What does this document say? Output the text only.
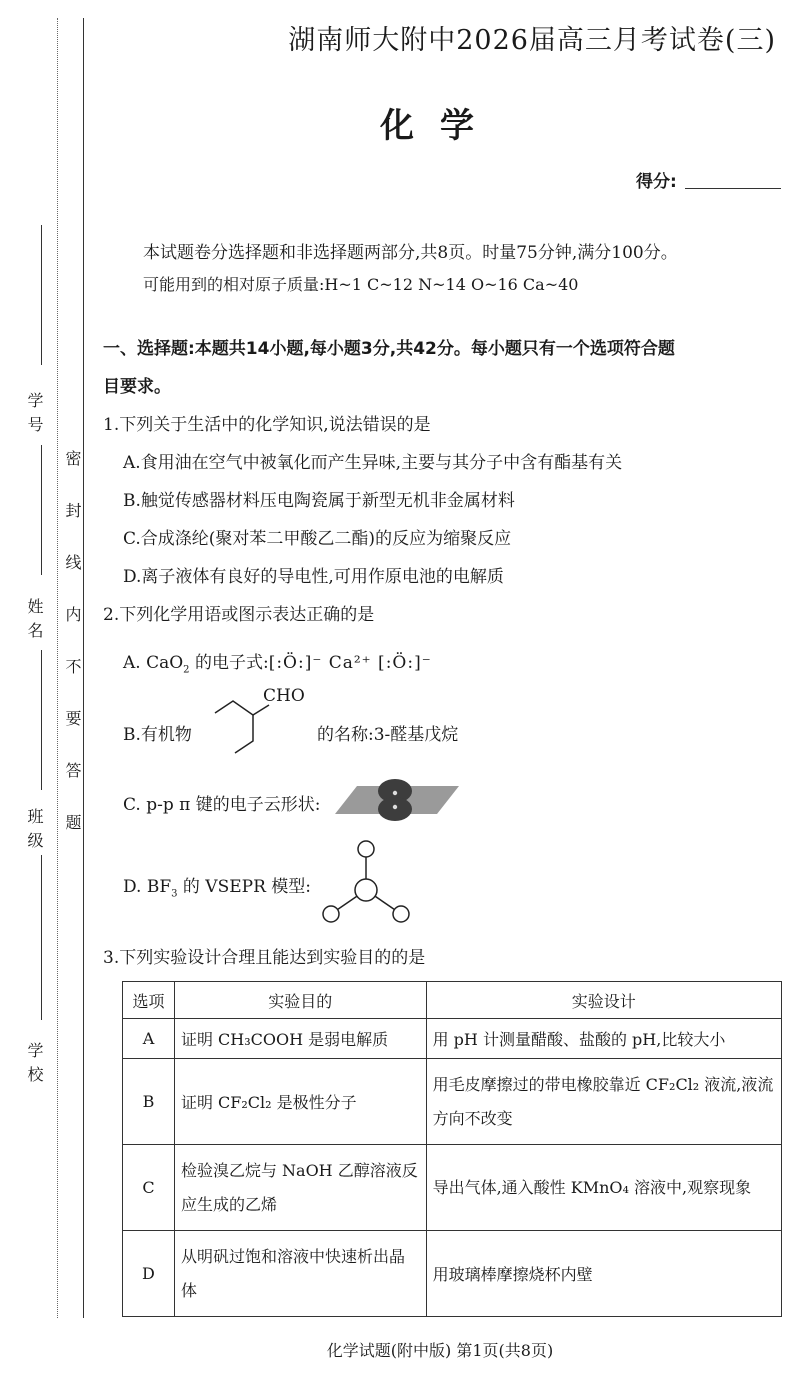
学号
姓名
班级
学校
密封线内不要答题
湖南师大附中2026届高三月考试卷(三)
化学
得分:
本试题卷分选择题和非选择题两部分,共8页。时量75分钟,满分100分。
可能用到的相对原子质量:H~1 C~12 N~14 O~16 Ca~40
一、选择题:本题共14小题,每小题3分,共42分。每小题只有一个选项符合题
目要求。
1.下列关于生活中的化学知识,说法错误的是
A.食用油在空气中被氧化而产生异味,主要与其分子中含有酯基有关
B.触觉传感器材料压电陶瓷属于新型无机非金属材料
C.合成涤纶(聚对苯二甲酸乙二酯)的反应为缩聚反应
D.离子液体有良好的导电性,可用作原电池的电解质
2.下列化学用语或图示表达正确的是
A. CaO$_2$ 的电子式:[:Ö:]⁻ Ca²⁺ [:Ö:]⁻
B.有机物
CHO
的名称:3-醛基戊烷
C. p-p π 键的电子云形状:
D. $BF_3$ 的 VSEPR 模型:
3.下列实验设计合理且能达到实验目的的是
选项	实验目的	实验设计
A	证明 CH₃COOH 是弱电解质	用 pH 计测量醋酸、盐酸的 pH,比较大小
B	证明 CF₂Cl₂ 是极性分子	用毛皮摩擦过的带电橡胶靠近 CF₂Cl₂ 液流,液流方向不改变
C	检验溴乙烷与 NaOH 乙醇溶液反应生成的乙烯	导出气体,通入酸性 KMnO₄ 溶液中,观察现象
D	从明矾过饱和溶液中快速析出晶体	用玻璃棒摩擦烧杯内壁
化学试题(附中版) 第1页(共8页)
